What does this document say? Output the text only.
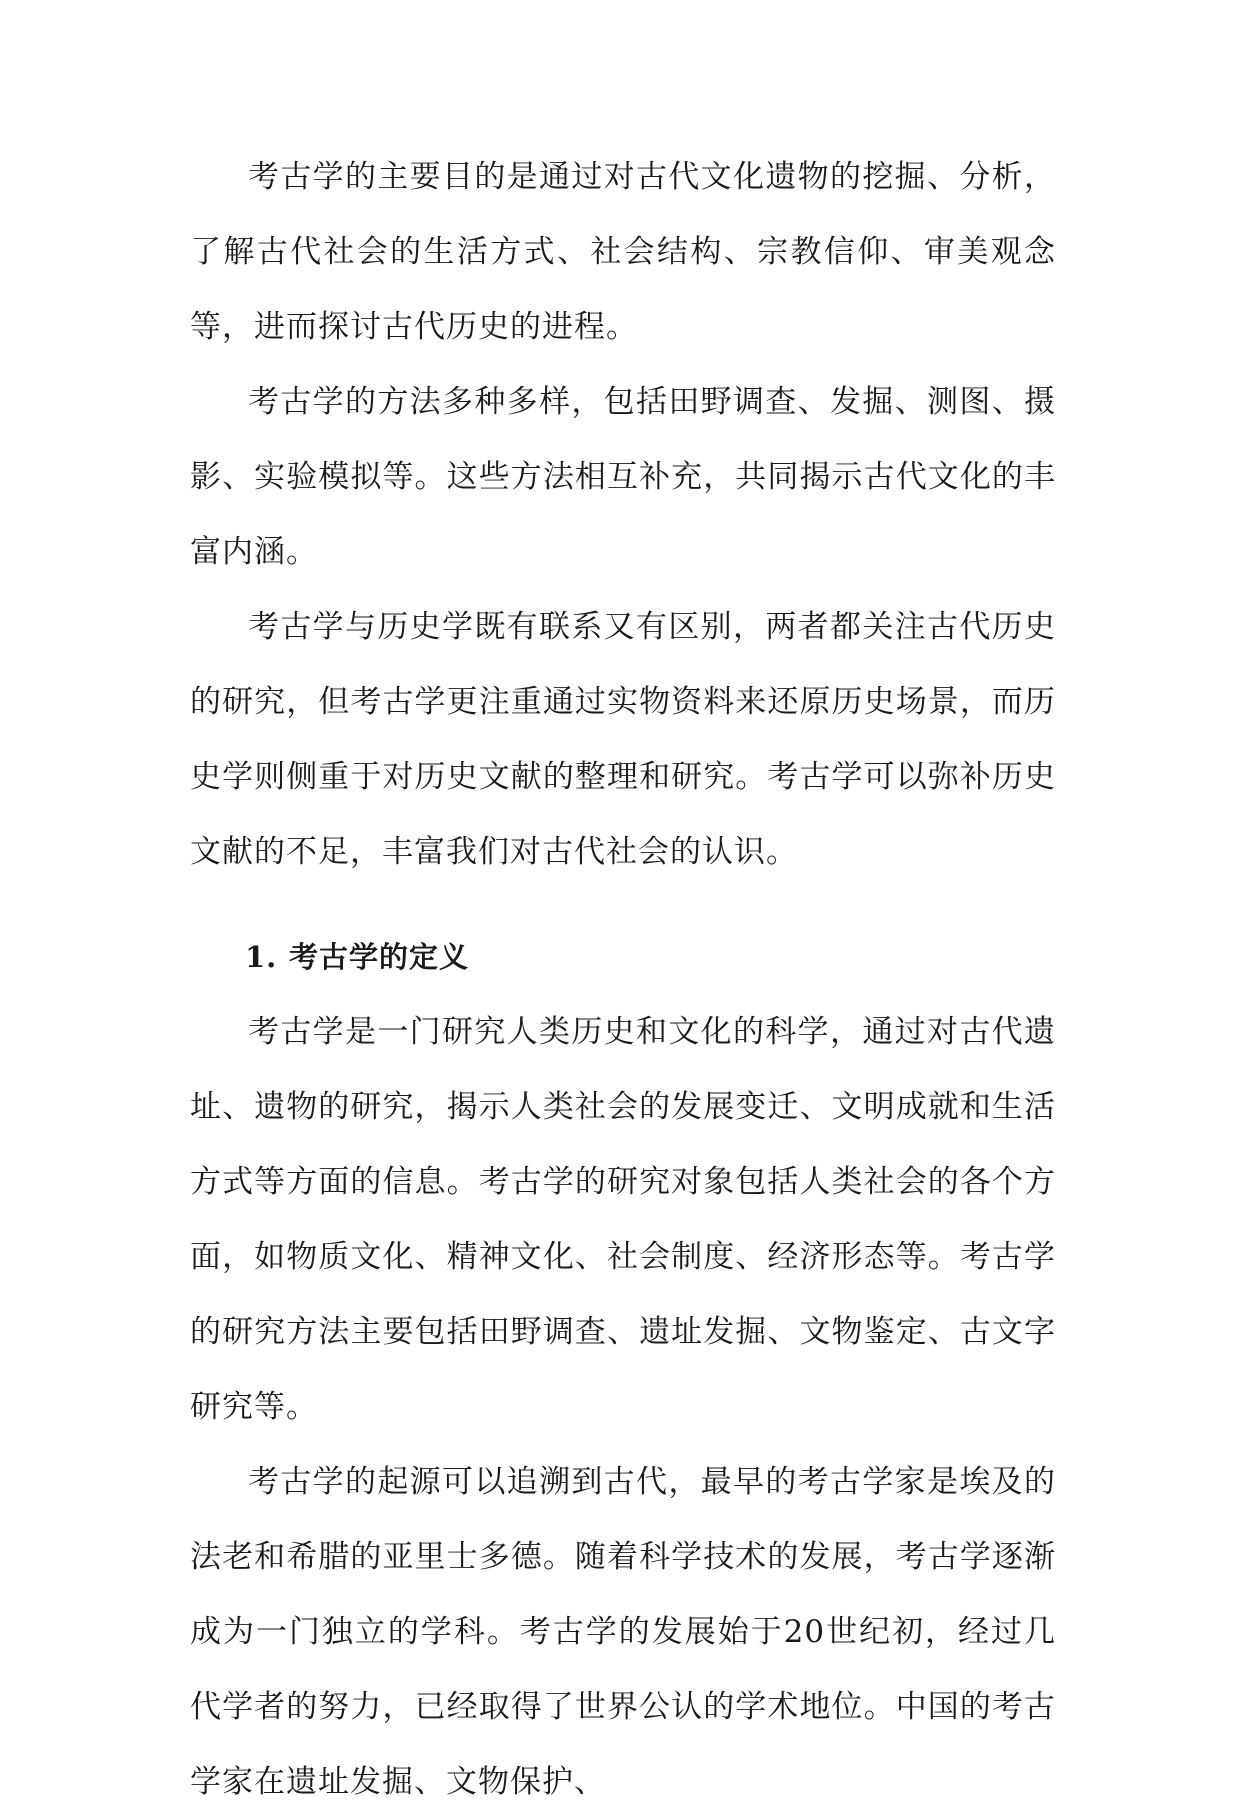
考古学的主要目的是通过对古代文化遗物的挖掘、分析，了解古代社会的生活方式、社会结构、宗教信仰、审美观念等，进而探讨古代历史的进程。

考古学的方法多种多样，包括田野调查、发掘、测图、摄影、实验模拟等。这些方法相互补充，共同揭示古代文化的丰富内涵。

考古学与历史学既有联系又有区别，两者都关注古代历史的研究，但考古学更注重通过实物资料来还原历史场景，而历史学则侧重于对历史文献的整理和研究。考古学可以弥补历史文献的不足，丰富我们对古代社会的认识。

1. 考古学的定义

考古学是一门研究人类历史和文化的科学，通过对古代遗址、遗物的研究，揭示人类社会的发展变迁、文明成就和生活方式等方面的信息。考古学的研究对象包括人类社会的各个方面，如物质文化、精神文化、社会制度、经济形态等。考古学的研究方法主要包括田野调查、遗址发掘、文物鉴定、古文字研究等。

考古学的起源可以追溯到古代，最早的考古学家是埃及的法老和希腊的亚里士多德。随着科学技术的发展，考古学逐渐成为一门独立的学科。考古学的发展始于20世纪初，经过几代学者的努力，已经取得了世界公认的学术地位。中国的考古学家在遗址发掘、文物保护、
